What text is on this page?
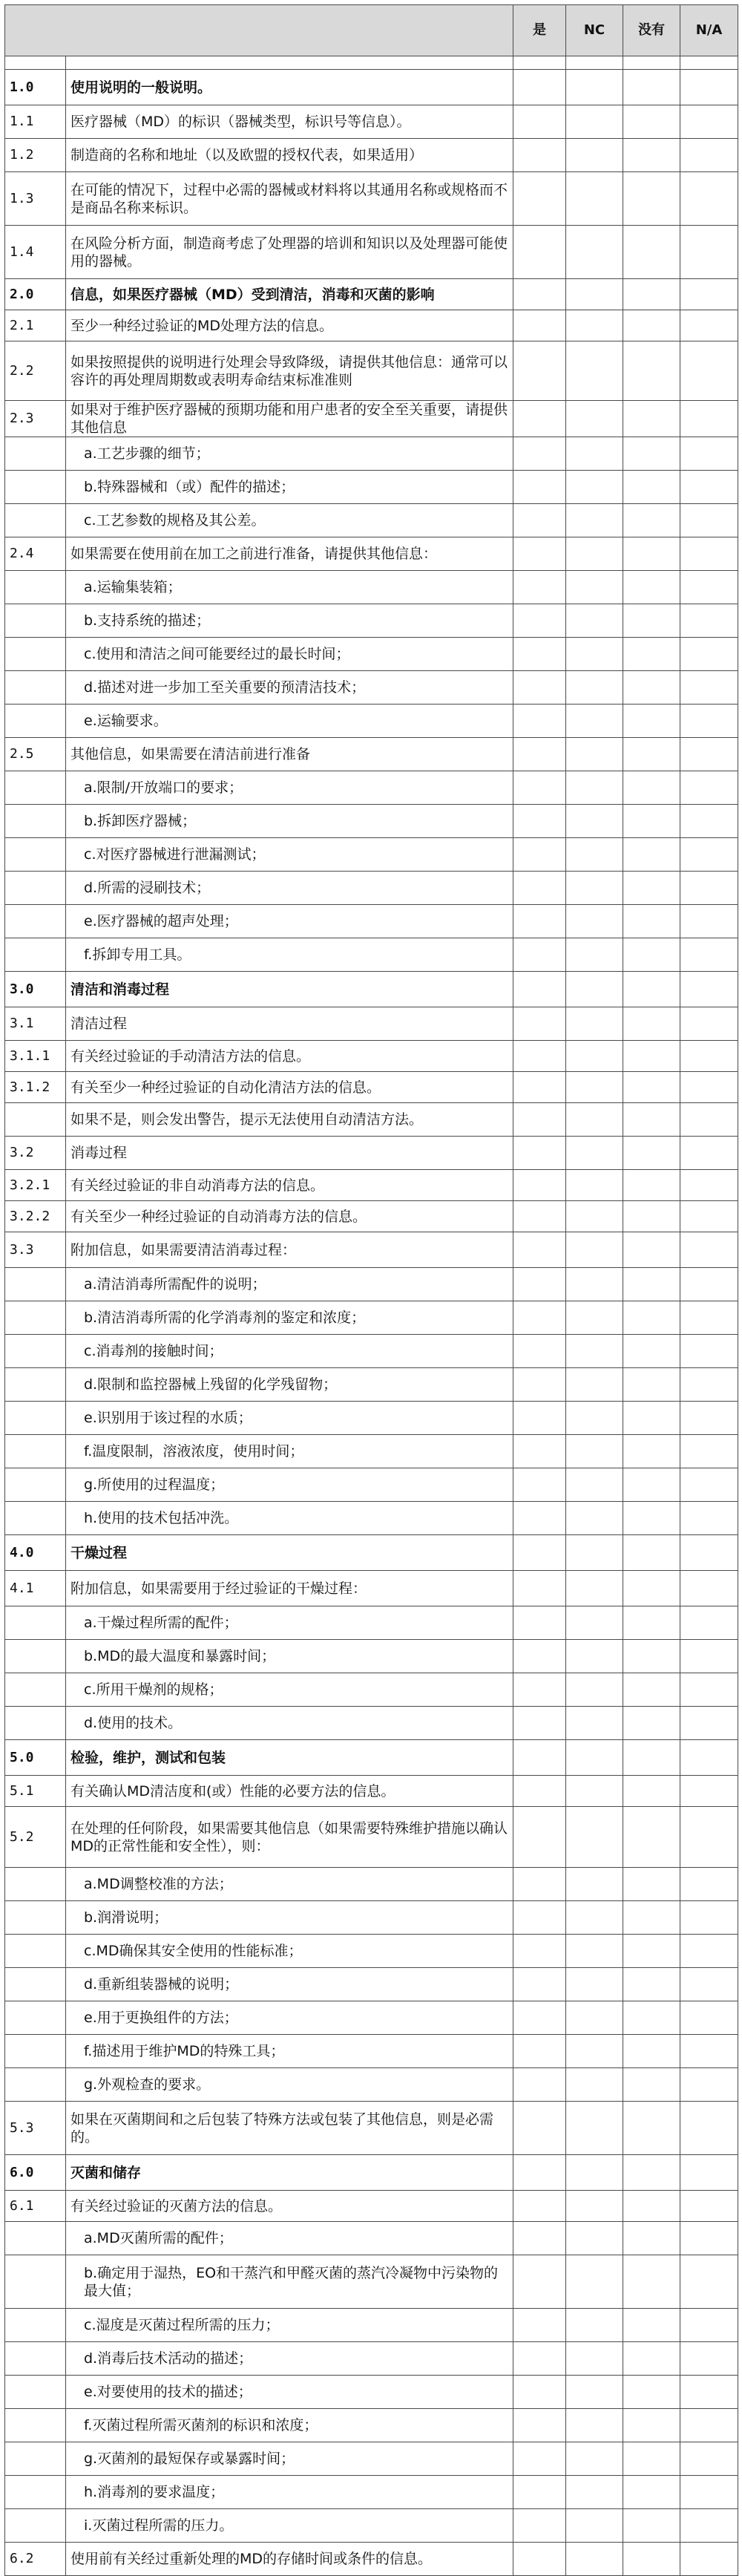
		是	NC	没有	N/A

1.0	使用说明的一般说明。				
1.1	医疗器械（MD）的标识（器械类型，标识号等信息）。				
1.2	制造商的名称和地址（以及欧盟的授权代表，如果适用）				
1.3	在可能的情况下，过程中必需的器械或材料将以其通用名称或规格而不是商品名称来标识。				
1.4	在风险分析方面，制造商考虑了处理器的培训和知识以及处理器可能使用的器械。				
2.0	信息，如果医疗器械（MD）受到清洁，消毒和灭菌的影响				
2.1	至少一种经过验证的MD处理方法的信息。				
2.2	如果按照提供的说明进行处理会导致降级，请提供其他信息：通常可以容许的再处理周期数或表明寿命结束标准准则				
2.3	如果对于维护医疗器械的预期功能和用户患者的安全至关重要，请提供其他信息				
	a.工艺步骤的细节；				
	b.特殊器械和（或）配件的描述；				
	c.工艺参数的规格及其公差。				
2.4	如果需要在使用前在加工之前进行准备，请提供其他信息：				
	a.运输集装箱；				
	b.支持系统的描述；				
	c.使用和清洁之间可能要经过的最长时间；				
	d.描述对进一步加工至关重要的预清洁技术；				
	e.运输要求。				
2.5	其他信息，如果需要在清洁前进行准备				
	a.限制/开放端口的要求；				
	b.拆卸医疗器械；				
	c.对医疗器械进行泄漏测试；				
	d.所需的浸刷技术；				
	e.医疗器械的超声处理；				
	f.拆卸专用工具。				
3.0	清洁和消毒过程				
3.1	清洁过程				
3.1.1	有关经过验证的手动清洁方法的信息。				
3.1.2	有关至少一种经过验证的自动化清洁方法的信息。				
	如果不是，则会发出警告，提示无法使用自动清洁方法。				
3.2	消毒过程				
3.2.1	有关经过验证的非自动消毒方法的信息。				
3.2.2	有关至少一种经过验证的自动消毒方法的信息。				
3.3	附加信息，如果需要清洁消毒过程：				
	a.清洁消毒所需配件的说明；				
	b.清洁消毒所需的化学消毒剂的鉴定和浓度；				
	c.消毒剂的接触时间；				
	d.限制和监控器械上残留的化学残留物；				
	e.识别用于该过程的水质；				
	f.温度限制，溶液浓度，使用时间；				
	g.所使用的过程温度；				
	h.使用的技术包括冲洗。				
4.0	干燥过程				
4.1	附加信息，如果需要用于经过验证的干燥过程：				
	a.干燥过程所需的配件；				
	b.MD的最大温度和暴露时间；				
	c.所用干燥剂的规格；				
	d.使用的技术。				
5.0	检验，维护，测试和包装				
5.1	有关确认MD清洁度和(或）性能的必要方法的信息。				
5.2	在处理的任何阶段，如果需要其他信息（如果需要特殊维护措施以确认MD的正常性能和安全性），则：				
	a.MD调整校准的方法；				
	b.润滑说明；				
	c.MD确保其安全使用的性能标准；				
	d.重新组装器械的说明；				
	e.用于更换组件的方法；				
	f.描述用于维护MD的特殊工具；				
	g.外观检查的要求。				
5.3	如果在灭菌期间和之后包装了特殊方法或包装了其他信息，则是必需的。				
6.0	灭菌和储存				
6.1	有关经过验证的灭菌方法的信息。				
	a.MD灭菌所需的配件；				
	b.确定用于湿热，EO和干蒸汽和甲醛灭菌的蒸汽冷凝物中污染物的最大值；				
	c.湿度是灭菌过程所需的压力；				
	d.消毒后技术活动的描述；				
	e.对要使用的技术的描述；				
	f.灭菌过程所需灭菌剂的标识和浓度；				
	g.灭菌剂的最短保存或暴露时间；				
	h.消毒剂的要求温度；				
	i.灭菌过程所需的压力。				
6.2	使用前有关经过重新处理的MD的存储时间或条件的信息。				
